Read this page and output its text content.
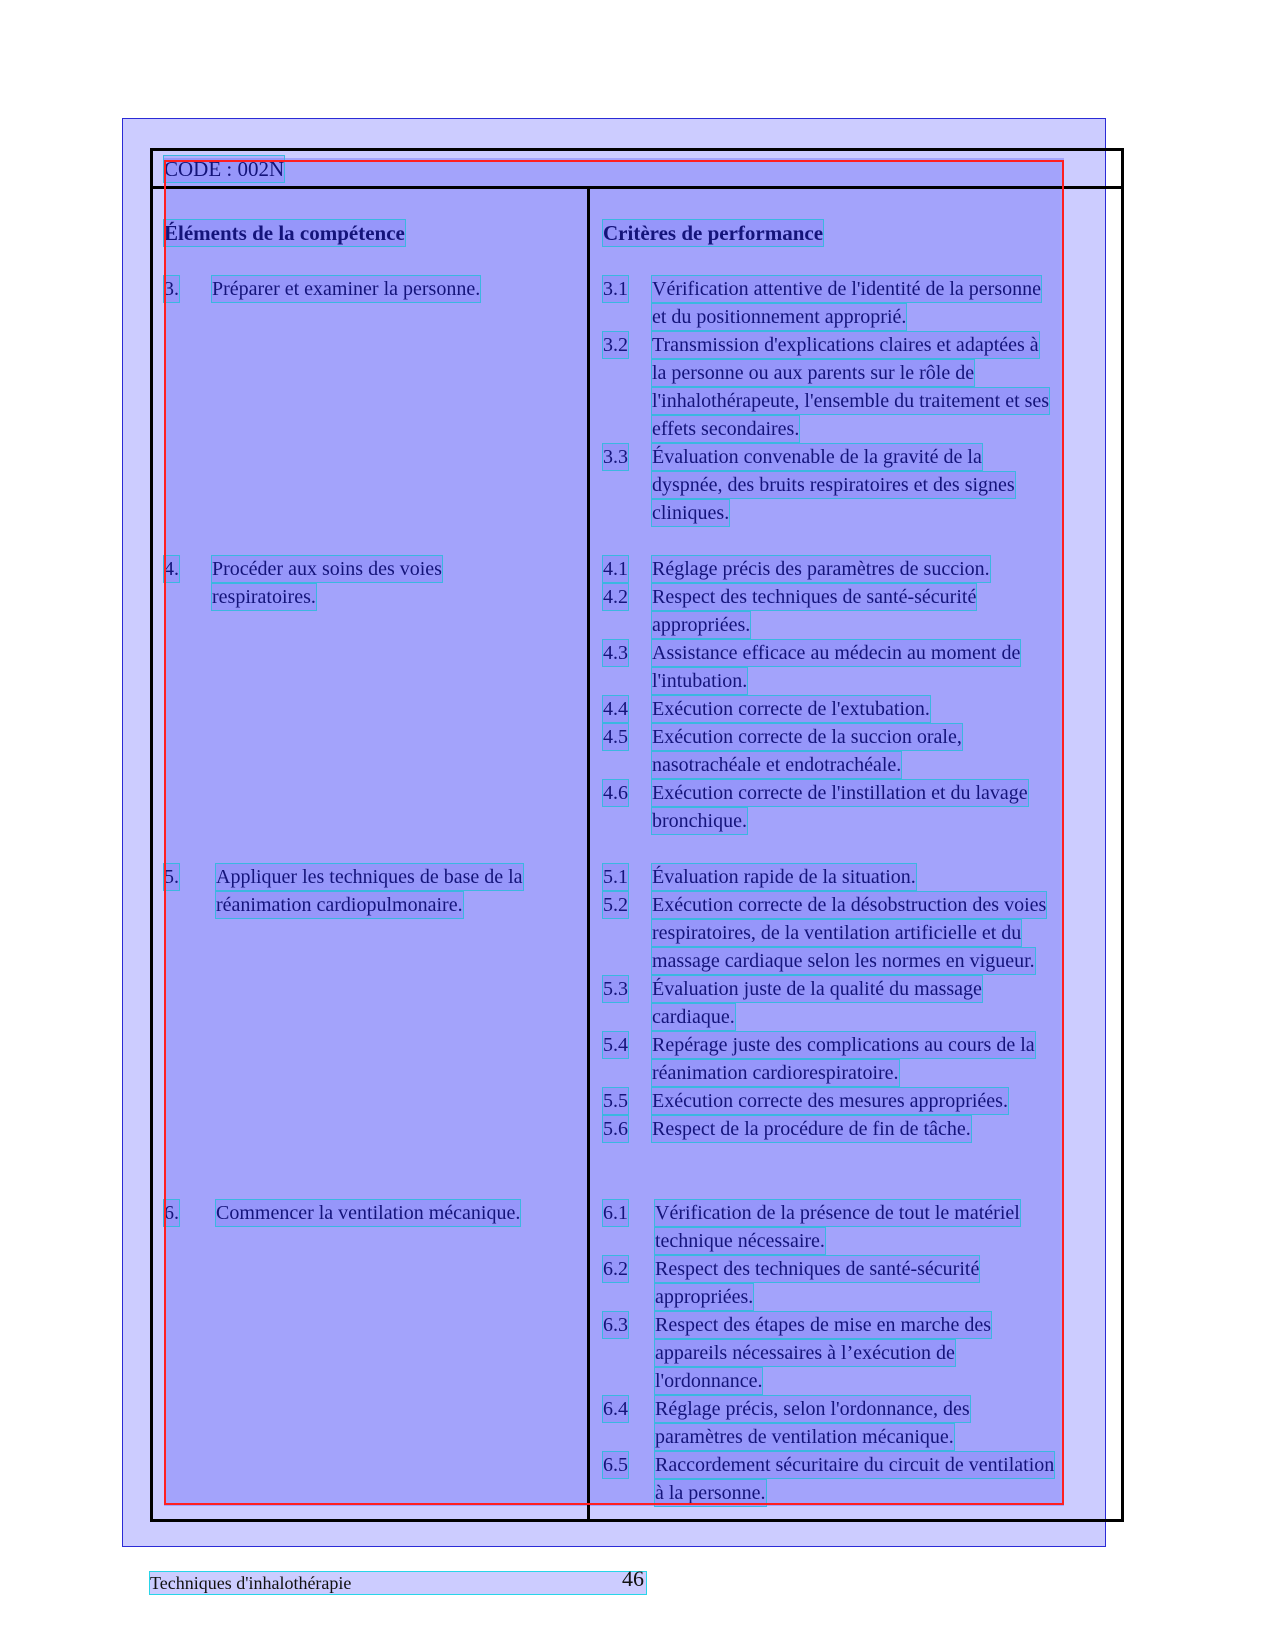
CODE : 002N
Éléments de la compétence	Critères de performance
3. Préparer et examiner la personne.
4. Procéder aux soins des voies
respiratoires.
5. Appliquer les techniques de base de la
réanimation cardiopulmonaire.
6. Commencer la ventilation mécanique.
3.1 Vérification attentive de l'identité de la personne
et du positionnement approprié.
3.2 Transmission d'explications claires et adaptées à
la personne ou aux parents sur le rôle de
l'inhalothérapeute, l'ensemble du traitement et ses
effets secondaires.
3.3 Évaluation convenable de la gravité de la
dyspnée, des bruits respiratoires et des signes
cliniques.
4.1 Réglage précis des paramètres de succion.
4.2 Respect des techniques de santé-sécurité
appropriées.
4.3 Assistance efficace au médecin au moment de
l'intubation.
4.4 Exécution correcte de l'extubation.
4.5 Exécution correcte de la succion orale,
nasotrachéale et endotrachéale.
4.6 Exécution correcte de l'instillation et du lavage
bronchique.
5.1 Évaluation rapide de la situation.
5.2 Exécution correcte de la désobstruction des voies
respiratoires, de la ventilation artificielle et du
massage cardiaque selon les normes en vigueur.
5.3 Évaluation juste de la qualité du massage
cardiaque.
5.4 Repérage juste des complications au cours de la
réanimation cardiorespiratoire.
5.5 Exécution correcte des mesures appropriées.
5.6 Respect de la procédure de fin de tâche.
6.1 Vérification de la présence de tout le matériel
technique nécessaire.
6.2 Respect des techniques de santé-sécurité
appropriées.
6.3 Respect des étapes de mise en marche des
appareils nécessaires à l’exécution de
l'ordonnance.
6.4 Réglage précis, selon l'ordonnance, des
paramètres de ventilation mécanique.
6.5 Raccordement sécuritaire du circuit de ventilation
à la personne.
Techniques d'inhalothérapie	46
